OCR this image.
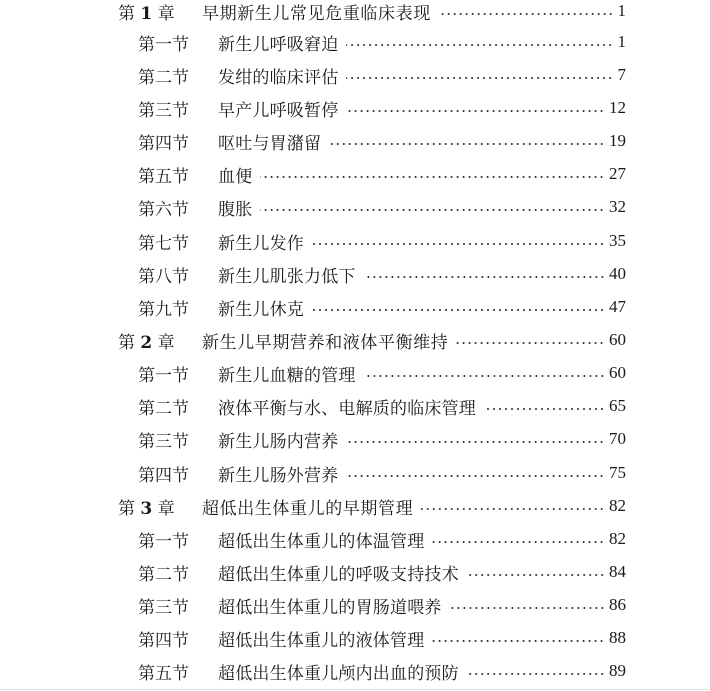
第 1 章	早期新生儿常见危重临床表现	1
第一节	新生儿呼吸窘迫	1
第二节	发绀的临床评估	7
第三节	早产儿呼吸暂停	12
第四节	呕吐与胃潴留	19
第五节	血便	27
第六节	腹胀	32
第七节	新生儿发作	35
第八节	新生儿肌张力低下	40
第九节	新生儿休克	47
第 2 章	新生儿早期营养和液体平衡维持	60
第一节	新生儿血糖的管理	60
第二节	液体平衡与水、电解质的临床管理	65
第三节	新生儿肠内营养	70
第四节	新生儿肠外营养	75
第 3 章	超低出生体重儿的早期管理	82
第一节	超低出生体重儿的体温管理	82
第二节	超低出生体重儿的呼吸支持技术	84
第三节	超低出生体重儿的胃肠道喂养	86
第四节	超低出生体重儿的液体管理	88
第五节	超低出生体重儿颅内出血的预防	89
